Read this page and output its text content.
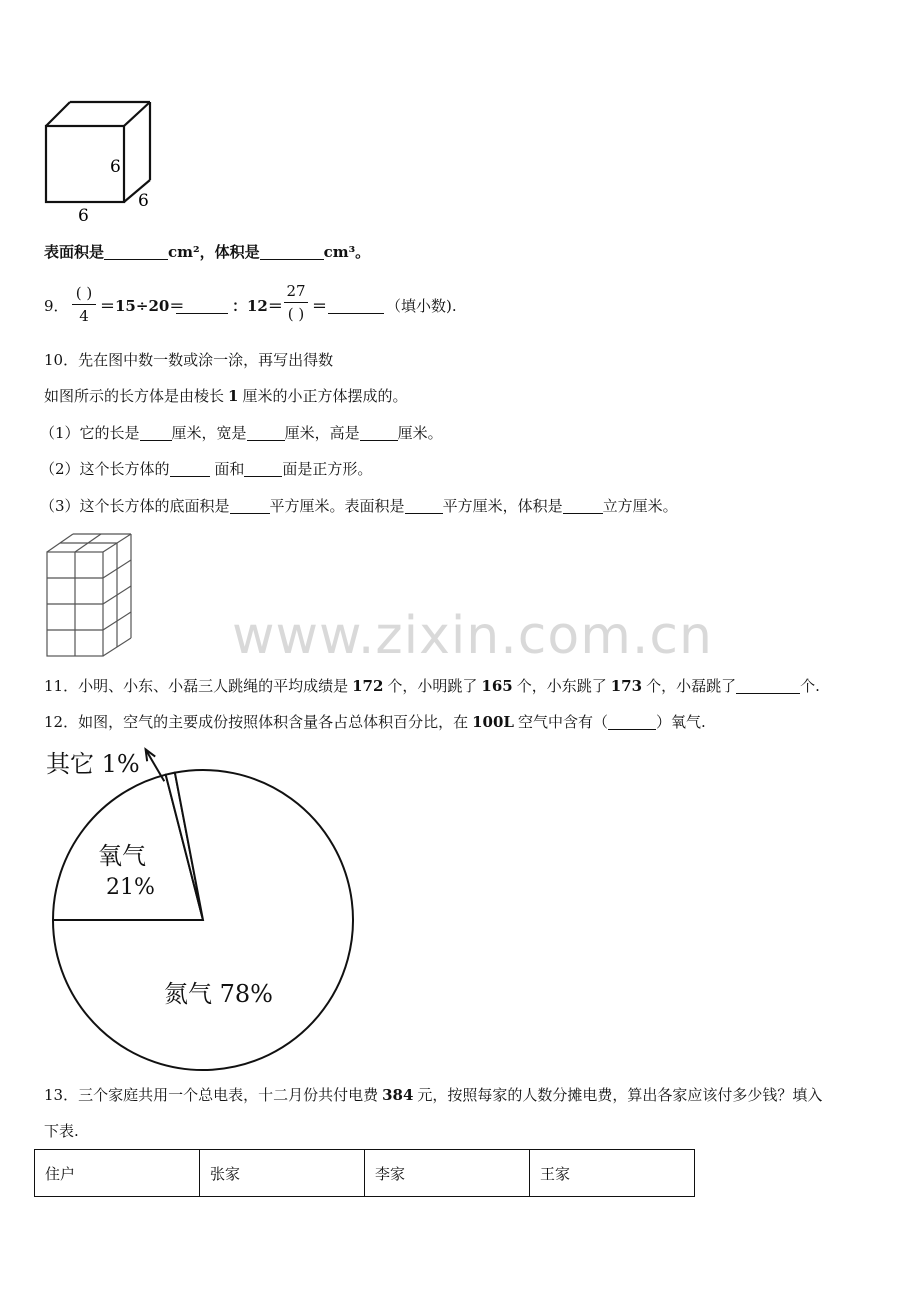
6
6
6
表面积是	cm²，体积是	cm³。
9．
( )
4
＝15÷20＝	：12＝
27
( ) ＝	（填小数).
10．先在图中数一数或涂一涂，再写出得数
如图所示的长方体是由棱长 1 厘米的小正方体摆成的。
（1）它的长是 厘米，宽是	厘米，高是	厘米。
（2）这个长方体的	面和	面是正方形。
（3）这个长方体的底面积是	平方厘米。表面积是	平方厘米，体积是	立方厘米。
www.zixin.com.cn
11．小明、小东、小磊三人跳绳的平均成绩是 172 个，小明跳了 165 个，小东跳了 173 个，小磊跳了	个.
12．如图，空气的主要成份按照体积含量各占总体积百分比，在 100L 空气中含有（	）氧气.
氧气
21%
氮气 78%
其它 1%
13．三个家庭共用一个总电表，十二月份共付电费 384 元，按照每家的人数分摊电费，算出各家应该付多少钱？填入
下表.
住户	张家	李家	王家
